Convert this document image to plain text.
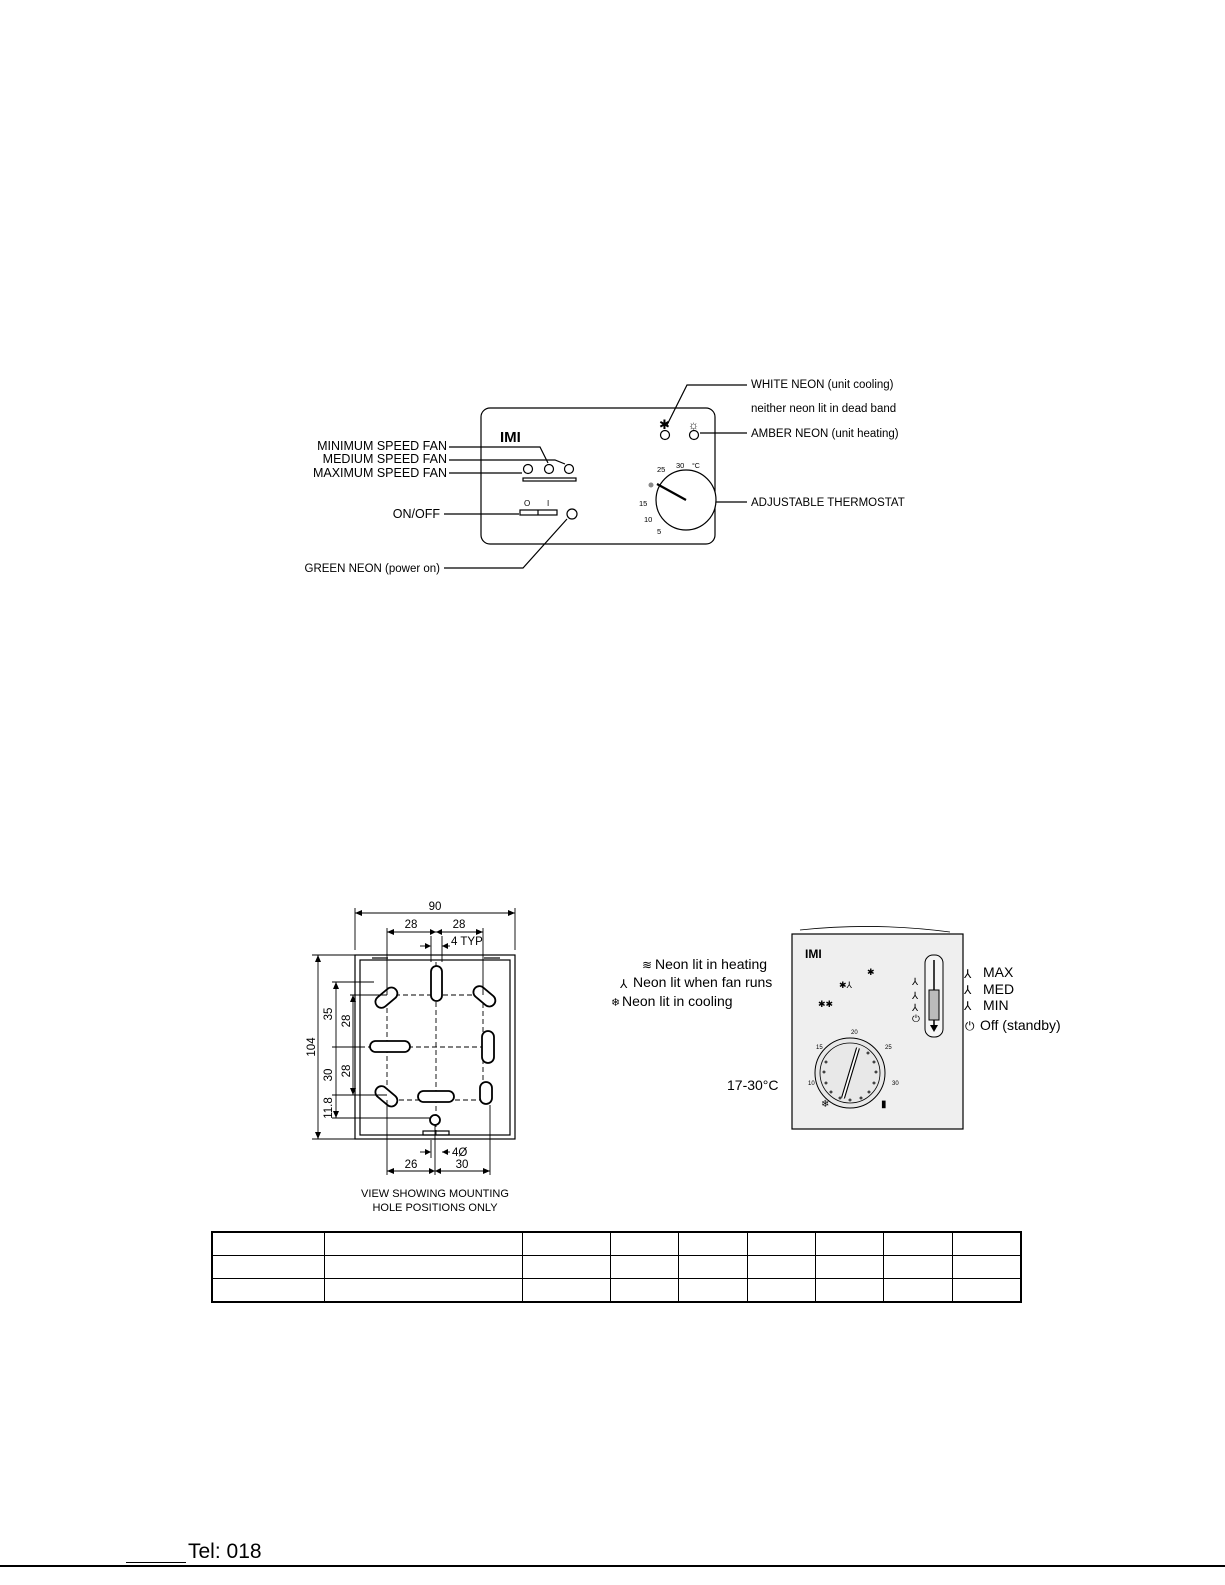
✱ ☼
IMI
MINIMUM SPEED FAN
MEDIUM SPEED FAN
MAXIMUM SPEED FAN
ON/OFF
GREEN NEON (power on)
WHITE NEON (unit cooling)
neither neon lit in dead band
AMBER NEON (unit heating)
ADJUSTABLE THERMOSTAT
5
10
15
25 30 °C
O I
90
28	28
4 TYP
104
35
28
30 28
11.8
4Ø
26	30
VIEW SHOWING MOUNTING
HOLE POSITIONS ONLY
✱
✱⅄
✱✱
⅄
⅄
⅄
⏻
❄	▮
≋
⅄
❄
⅄
⅄
⅄
⏻
IMI
Neon lit in heating
Neon lit when fan runs
Neon lit in cooling
MAX
MED
MIN
Off (standby)
17-30°C	10
15
20
25
30

Tel: 018
